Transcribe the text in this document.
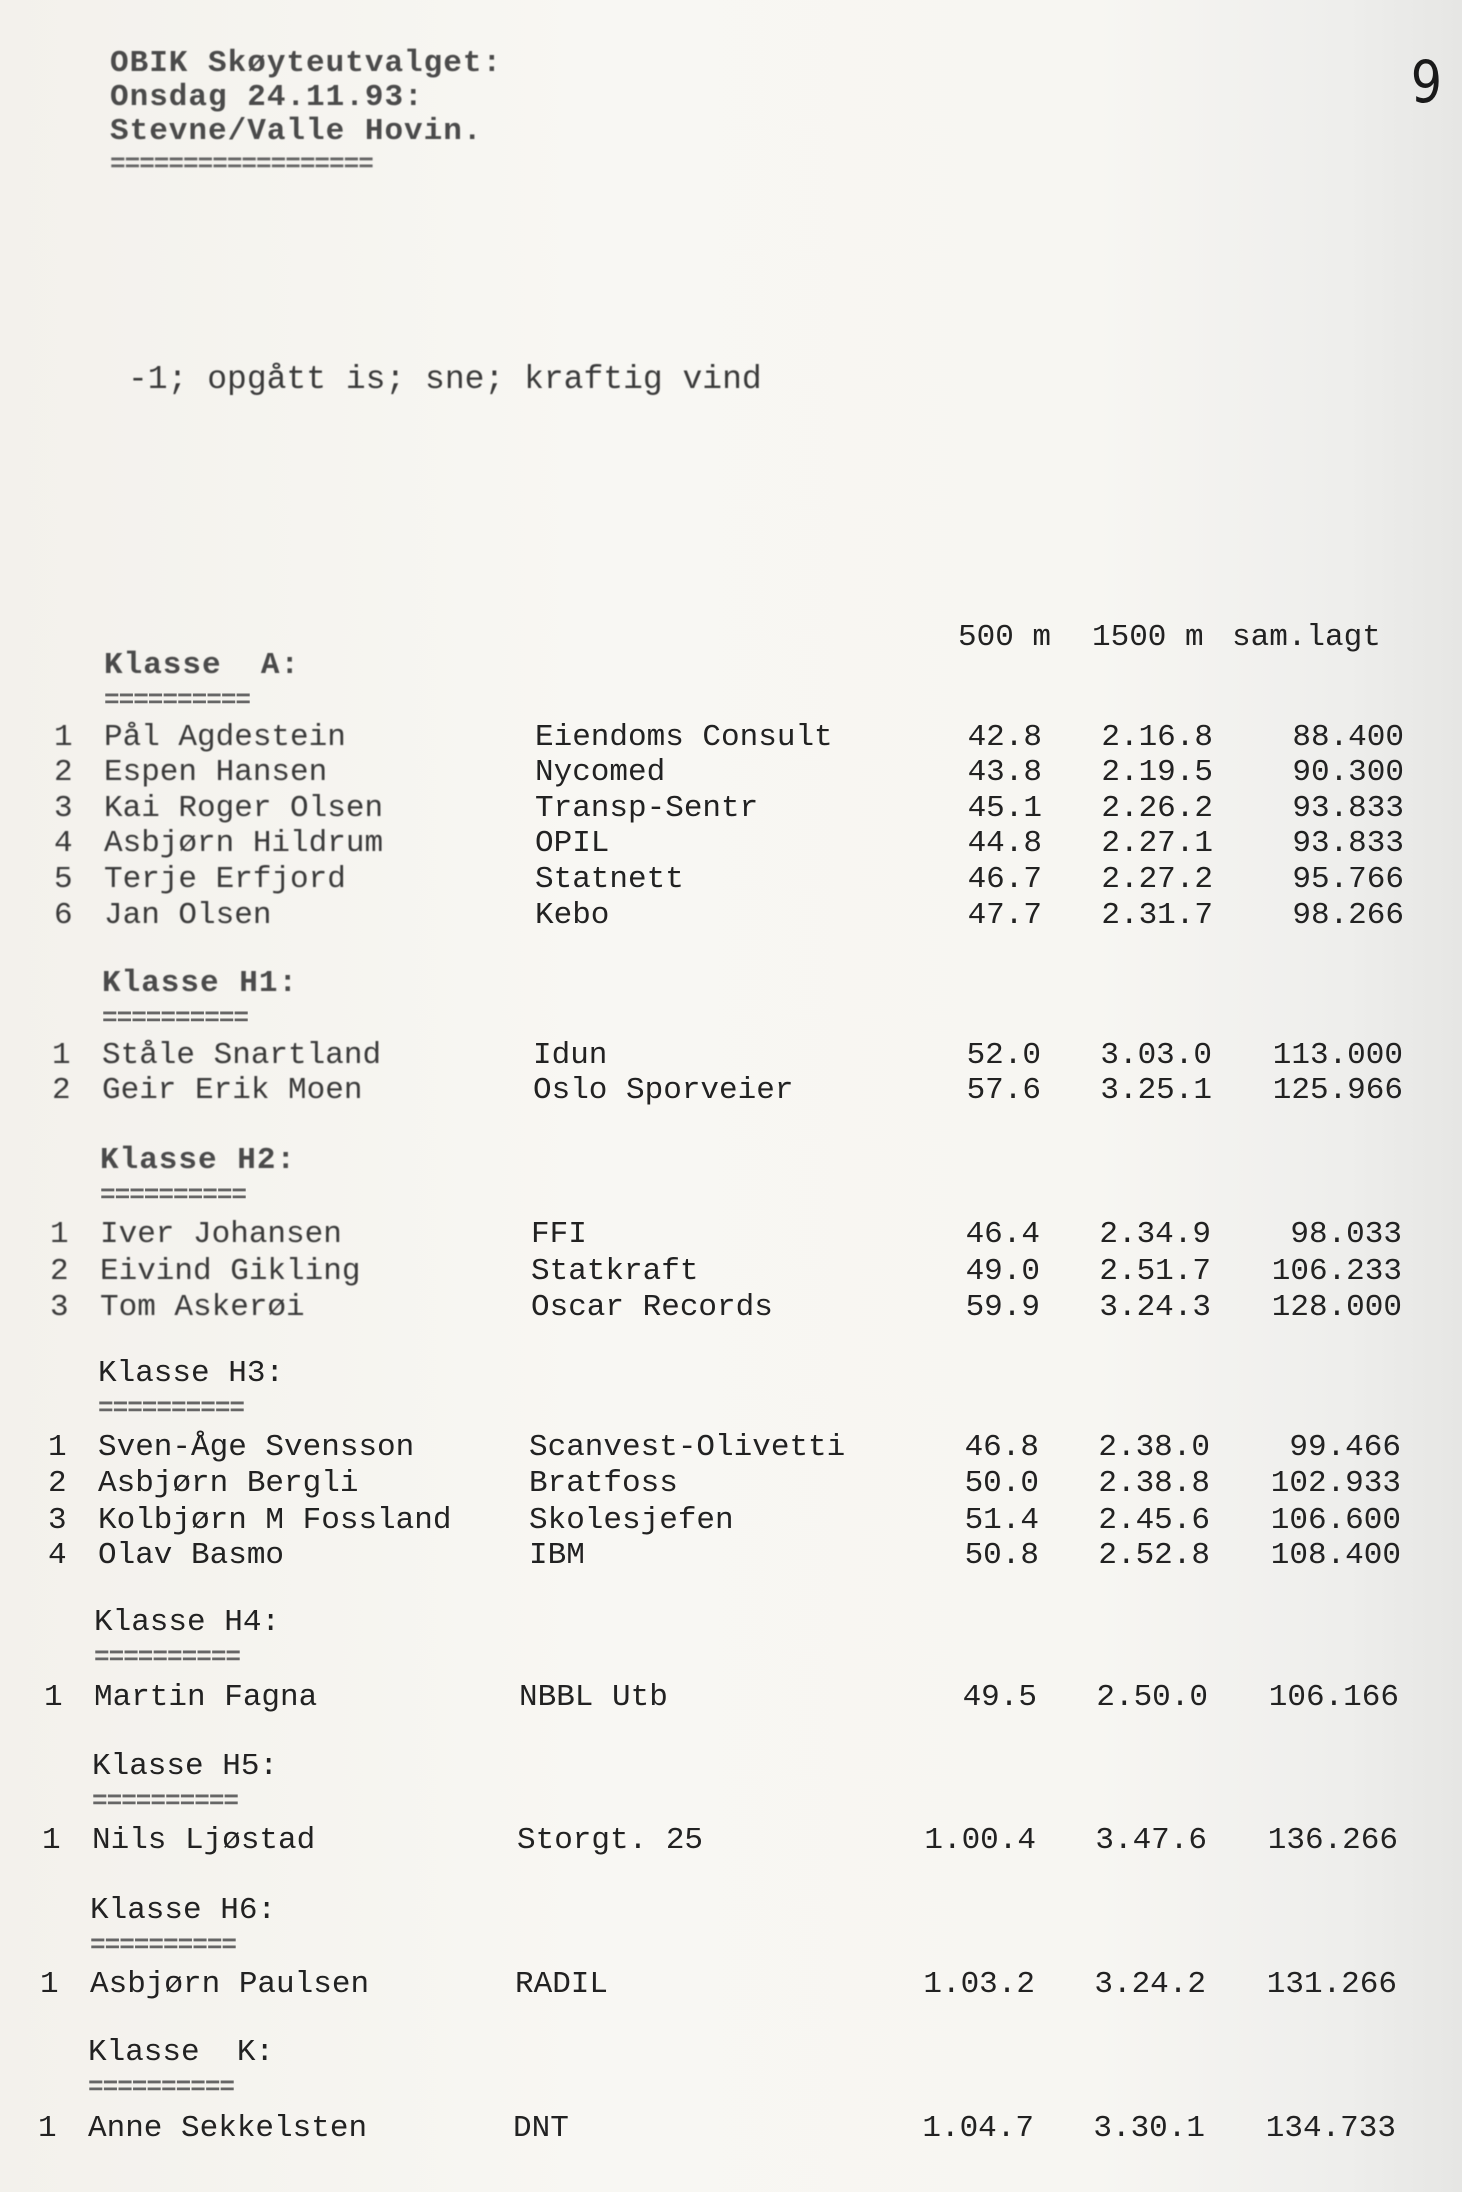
9
OBIK Skøyteutvalget:
Onsdag 24.11.93:
Stevne/Valle Hovin.
==================
-1; opgått is; sne; kraftig vind
500 m 1500 m sam.lagt
Klasse  A:
==========
1 Pål Agdestein	Eiendoms Consult	42.8	2.16.8	88.400
2 Espen Hansen	Nycomed	43.8	2.19.5	90.300
3 Kai Roger Olsen	Transp-Sentr	45.1	2.26.2	93.833
4 Asbjørn Hildrum	OPIL	44.8	2.27.1	93.833
5 Terje Erfjord	Statnett	46.7	2.27.2	95.766
6 Jan Olsen	Kebo	47.7	2.31.7	98.266
Klasse H1:
==========
1 Ståle Snartland	Idun	52.0	3.03.0	113.000
2 Geir Erik Moen	Oslo Sporveier	57.6	3.25.1	125.966
Klasse H2:
==========
1 Iver Johansen	FFI	46.4	2.34.9	98.033
2 Eivind Gikling	Statkraft	49.0	2.51.7	106.233
3 Tom Askerøi	Oscar Records	59.9	3.24.3	128.000
Klasse H3:
==========
1 Sven-Åge Svensson	Scanvest-Olivetti	46.8	2.38.0	99.466
2 Asbjørn Bergli	Bratfoss	50.0	2.38.8	102.933
3 Kolbjørn M Fossland	Skolesjefen	51.4	2.45.6	106.600
4 Olav Basmo	IBM	50.8	2.52.8	108.400
Klasse H4:
==========
1 Martin Fagna	NBBL Utb	49.5	2.50.0	106.166
Klasse H5:
==========
1 Nils Ljøstad	Storgt. 25	1.00.4	3.47.6	136.266
Klasse H6:
==========
1 Asbjørn Paulsen	RADIL	1.03.2	3.24.2	131.266
Klasse  K:
==========
1 Anne Sekkelsten	DNT	1.04.7	3.30.1	134.733
